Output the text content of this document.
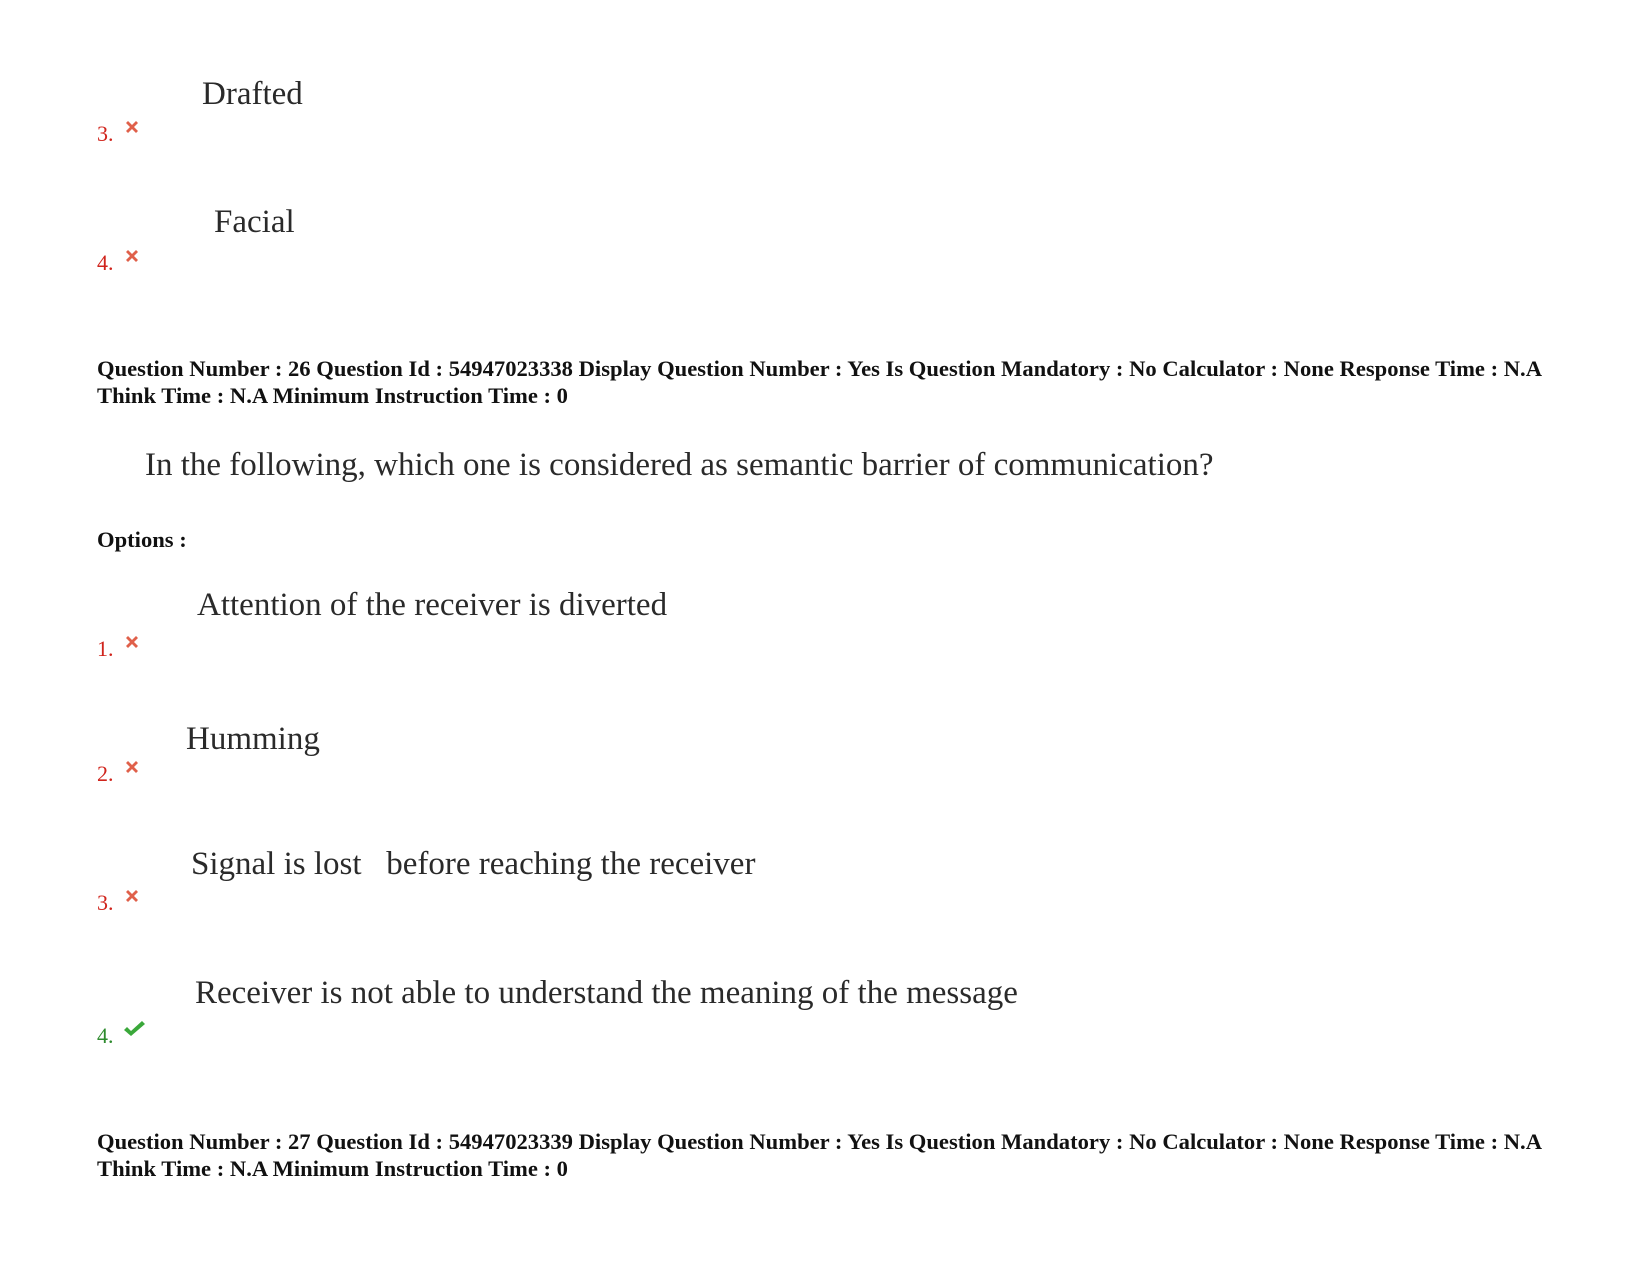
Drafted
3.
Facial
4.
Question Number : 26 Question Id : 54947023338 Display Question Number : Yes Is Question Mandatory : No Calculator : None Response Time : N.A Think Time : N.A Minimum Instruction Time : 0
In the following, which one is considered as semantic barrier of communication?
Options :
Attention of the receiver is diverted
1.
Humming
2.
Signal is lost   before reaching the receiver
3.
Receiver is not able to understand the meaning of the message
4.
Question Number : 27 Question Id : 54947023339 Display Question Number : Yes Is Question Mandatory : No Calculator : None Response Time : N.A Think Time : N.A Minimum Instruction Time : 0
